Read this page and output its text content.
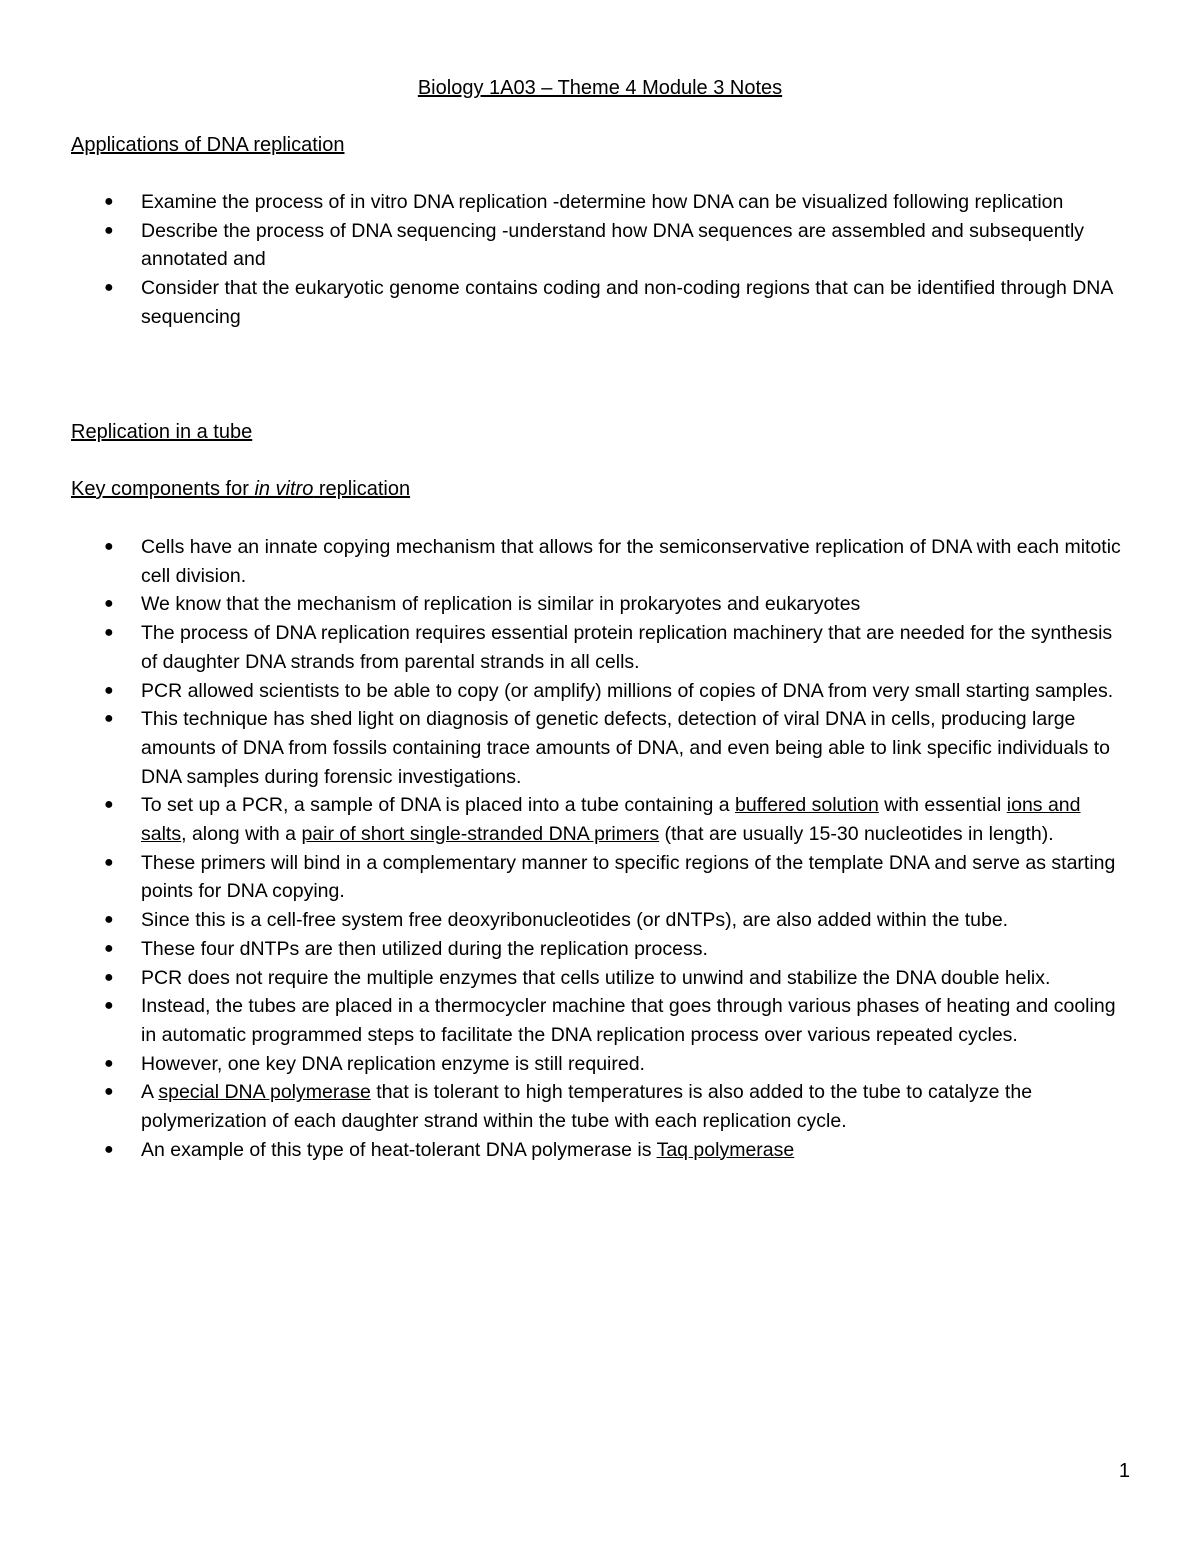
Biology 1A03 – Theme 4 Module 3 Notes
Applications of DNA replication
● Examine the process of in vitro DNA replication -determine how DNA can be visualized following replication
● Describe the process of DNA sequencing -understand how DNA sequences are assembled and subsequently annotated and
● Consider that the eukaryotic genome contains coding and non-coding regions that can be identified through DNA sequencing
Replication in a tube
Key components for in vitro replication
● Cells have an innate copying mechanism that allows for the semiconservative replication of DNA with each mitotic cell division.
● We know that the mechanism of replication is similar in prokaryotes and eukaryotes
● The process of DNA replication requires essential protein replication machinery that are needed for the synthesis of daughter DNA strands from parental strands in all cells.
● PCR allowed scientists to be able to copy (or amplify) millions of copies of DNA from very small starting samples.
● This technique has shed light on diagnosis of genetic defects, detection of viral DNA in cells, producing large amounts of DNA from fossils containing trace amounts of DNA, and even being able to link specific individuals to DNA samples during forensic investigations.
● To set up a PCR, a sample of DNA is placed into a tube containing a buffered solution with essential ions and salts, along with a pair of short single-stranded DNA primers (that are usually 15-30 nucleotides in length).
● These primers will bind in a complementary manner to specific regions of the template DNA and serve as starting points for DNA copying.
● Since this is a cell-free system free deoxyribonucleotides (or dNTPs), are also added within the tube.
● These four dNTPs are then utilized during the replication process.
● PCR does not require the multiple enzymes that cells utilize to unwind and stabilize the DNA double helix.
● Instead, the tubes are placed in a thermocycler machine that goes through various phases of heating and cooling in automatic programmed steps to facilitate the DNA replication process over various repeated cycles.
● However, one key DNA replication enzyme is still required.
● A special DNA polymerase that is tolerant to high temperatures is also added to the tube to catalyze the polymerization of each daughter strand within the tube with each replication cycle.
● An example of this type of heat-tolerant DNA polymerase is Taq polymerase
1
